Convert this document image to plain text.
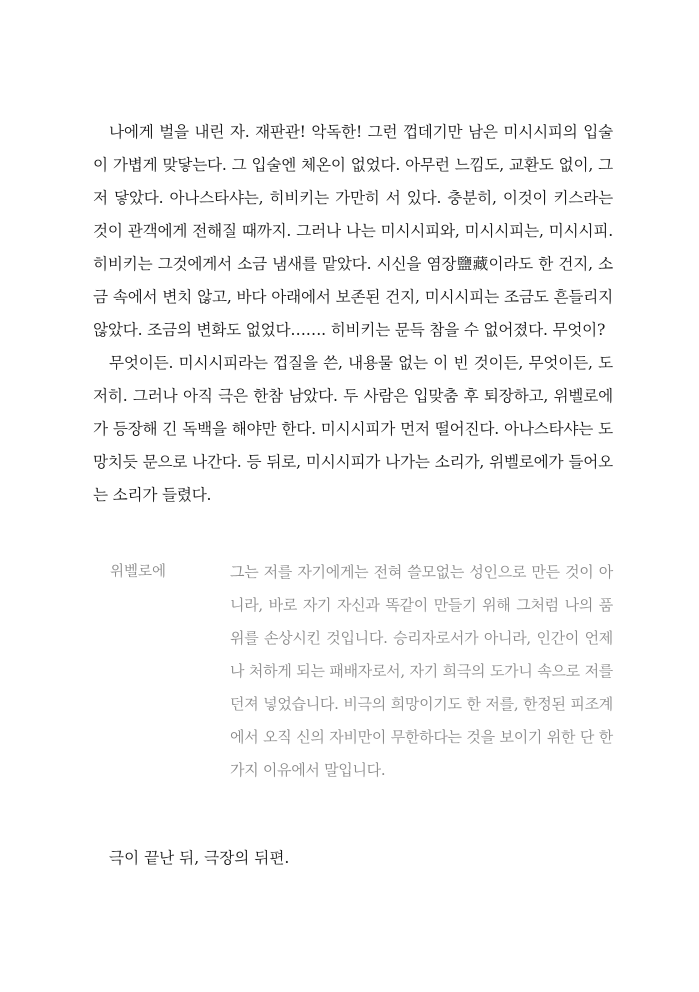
나에게 벌을 내린 자. 재판관! 악독한! 그런 껍데기만 남은 미시시피의 입술이 가볍게 맞닿는다. 그 입술엔 체온이 없었다. 아무런 느낌도, 교환도 없이, 그저 닿았다. 아나스타샤는, 히비키는 가만히 서 있다. 충분히, 이것이 키스라는 것이 관객에게 전해질 때까지. 그러나 나는 미시시피와, 미시시피는, 미시시피. 히비키는 그것에게서 소금 냄새를 맡았다. 시신을 염장鹽藏이라도 한 건지, 소금 속에서 변치 않고, 바다 아래에서 보존된 건지, 미시시피는 조금도 흔들리지 않았다. 조금의 변화도 없었다……. 히비키는 문득 참을 수 없어졌다. 무엇이?

무엇이든. 미시시피라는 껍질을 쓴, 내용물 없는 이 빈 것이든, 무엇이든, 도저히. 그러나 아직 극은 한참 남았다. 두 사람은 입맞춤 후 퇴장하고, 위벨로에가 등장해 긴 독백을 해야만 한다. 미시시피가 먼저 떨어진다. 아나스타샤는 도망치듯 문으로 나간다. 등 뒤로, 미시시피가 나가는 소리가, 위벨로에가 들어오는 소리가 들렸다.

위벨로에	그는 저를 자기에게는 전혀 쓸모없는 성인으로 만든 것이 아니라, 바로 자기 자신과 똑같이 만들기 위해 그처럼 나의 품위를 손상시킨 것입니다. 승리자로서가 아니라, 인간이 언제나 처하게 되는 패배자로서, 자기 희극의 도가니 속으로 저를 던져 넣었습니다. 비극의 희망이기도 한 저를, 한정된 피조계에서 오직 신의 자비만이 무한하다는 것을 보이기 위한 단 한 가지 이유에서 말입니다.

극이 끝난 뒤, 극장의 뒤편.
